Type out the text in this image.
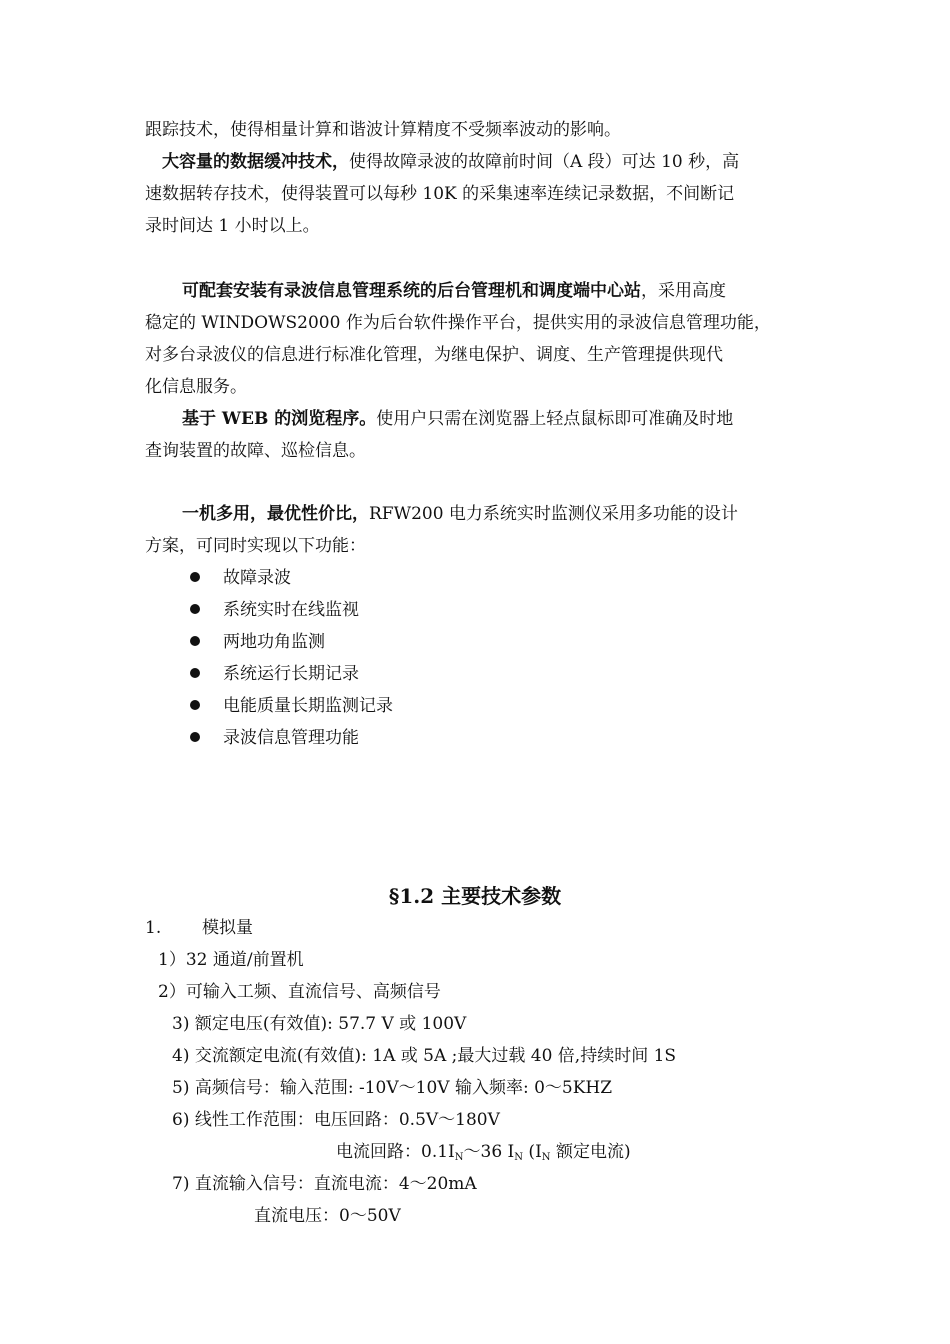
跟踪技术，使得相量计算和谐波计算精度不受频率波动的影响。
大容量的数据缓冲技术，使得故障录波的故障前时间（A 段）可达 10 秒，高
速数据转存技术，使得装置可以每秒 10K 的采集速率连续记录数据，不间断记
录时间达 1 小时以上。
可配套安装有录波信息管理系统的后台管理机和调度端中心站，采用高度
稳定的 WINDOWS2000 作为后台软件操作平台，提供实用的录波信息管理功能，
对多台录波仪的信息进行标准化管理，为继电保护、调度、生产管理提供现代
化信息服务。
基于 WEB 的浏览程序。使用户只需在浏览器上轻点鼠标即可准确及时地
查询装置的故障、巡检信息。
一机多用，最优性价比，RFW200 电力系统实时监测仪采用多功能的设计
方案，可同时实现以下功能：
故障录波
系统实时在线监视
两地功角监测
系统运行长期记录
电能质量长期监测记录
录波信息管理功能
§1.2 主要技术参数
1. 模拟量
1）32 通道/前置机
2）可输入工频、直流信号、高频信号
3) 额定电压(有效值): 57.7 V 或 100V
4) 交流额定电流(有效值): 1A 或 5A ;最大过载 40 倍,持续时间 1S
5) 高频信号：输入范围: -10V～10V 输入频率: 0～5KHZ
6) 线性工作范围：电压回路：0.5V～180V
电流回路：$0.1I_N\sim 36$ $I_N$ ($I_N$ 额定电流)
7) 直流输入信号：直流电流：4～20mA
直流电压：0～50V
